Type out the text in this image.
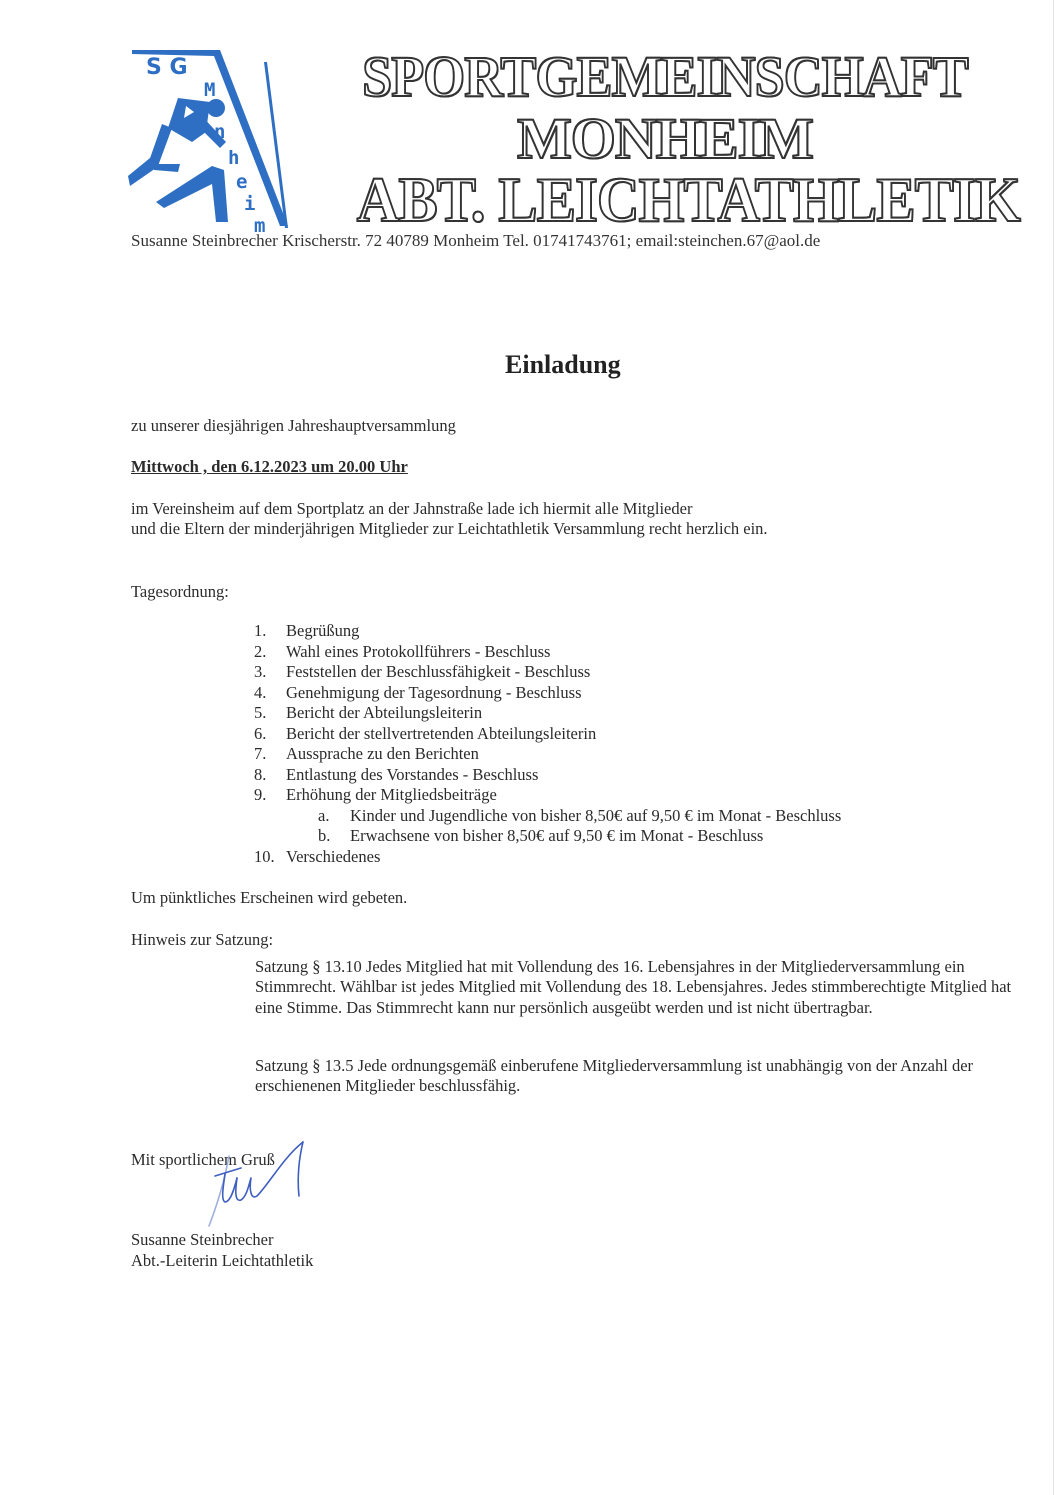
S G
M
n
h
e
i
m
SPORTGEMEINSCHAFT
MONHEIM
ABT. LEICHTATHLETIK
Susanne Steinbrecher Krischerstr. 72 40789 Monheim Tel. 01741743761; email:steinchen.67@aol.de
Einladung
zu unserer diesjährigen Jahreshauptversammlung
Mittwoch , den 6.12.2023 um 20.00 Uhr
im Vereinsheim auf dem Sportplatz an der Jahnstraße lade ich hiermit alle Mitglieder
und die Eltern der minderjährigen Mitglieder zur Leichtathletik Versammlung recht herzlich ein.
Tagesordnung:
1.	Begrüßung
2.	Wahl eines Protokollführers - Beschluss
3.	Feststellen der Beschlussfähigkeit - Beschluss
4.	Genehmigung der Tagesordnung - Beschluss
5.	Bericht der Abteilungsleiterin
6.	Bericht der stellvertretenden Abteilungsleiterin
7.	Aussprache zu den Berichten
8.	Entlastung des Vorstandes - Beschluss
9.	Erhöhung der Mitgliedsbeiträge
a.	Kinder und Jugendliche von bisher 8,50€ auf 9,50 € im Monat - Beschluss
b.	Erwachsene von bisher 8,50€ auf 9,50 € im Monat - Beschluss
10. Verschiedenes
Um pünktliches Erscheinen wird gebeten.
Hinweis zur Satzung:
Satzung § 13.10 Jedes Mitglied hat mit Vollendung des 16. Lebensjahres in der Mitgliederversammlung ein Stimmrecht. Wählbar ist jedes Mitglied mit Vollendung des 18. Lebensjahres. Jedes stimmberechtigte Mitglied hat eine Stimme. Das Stimmrecht kann nur persönlich ausgeübt werden und ist nicht übertragbar.
Satzung § 13.5 Jede ordnungsgemäß einberufene Mitgliederversammlung ist unabhängig von der Anzahl der erschienenen Mitglieder beschlussfähig.
Mit sportlichem Gruß
Susanne Steinbrecher
Abt.-Leiterin Leichtathletik
